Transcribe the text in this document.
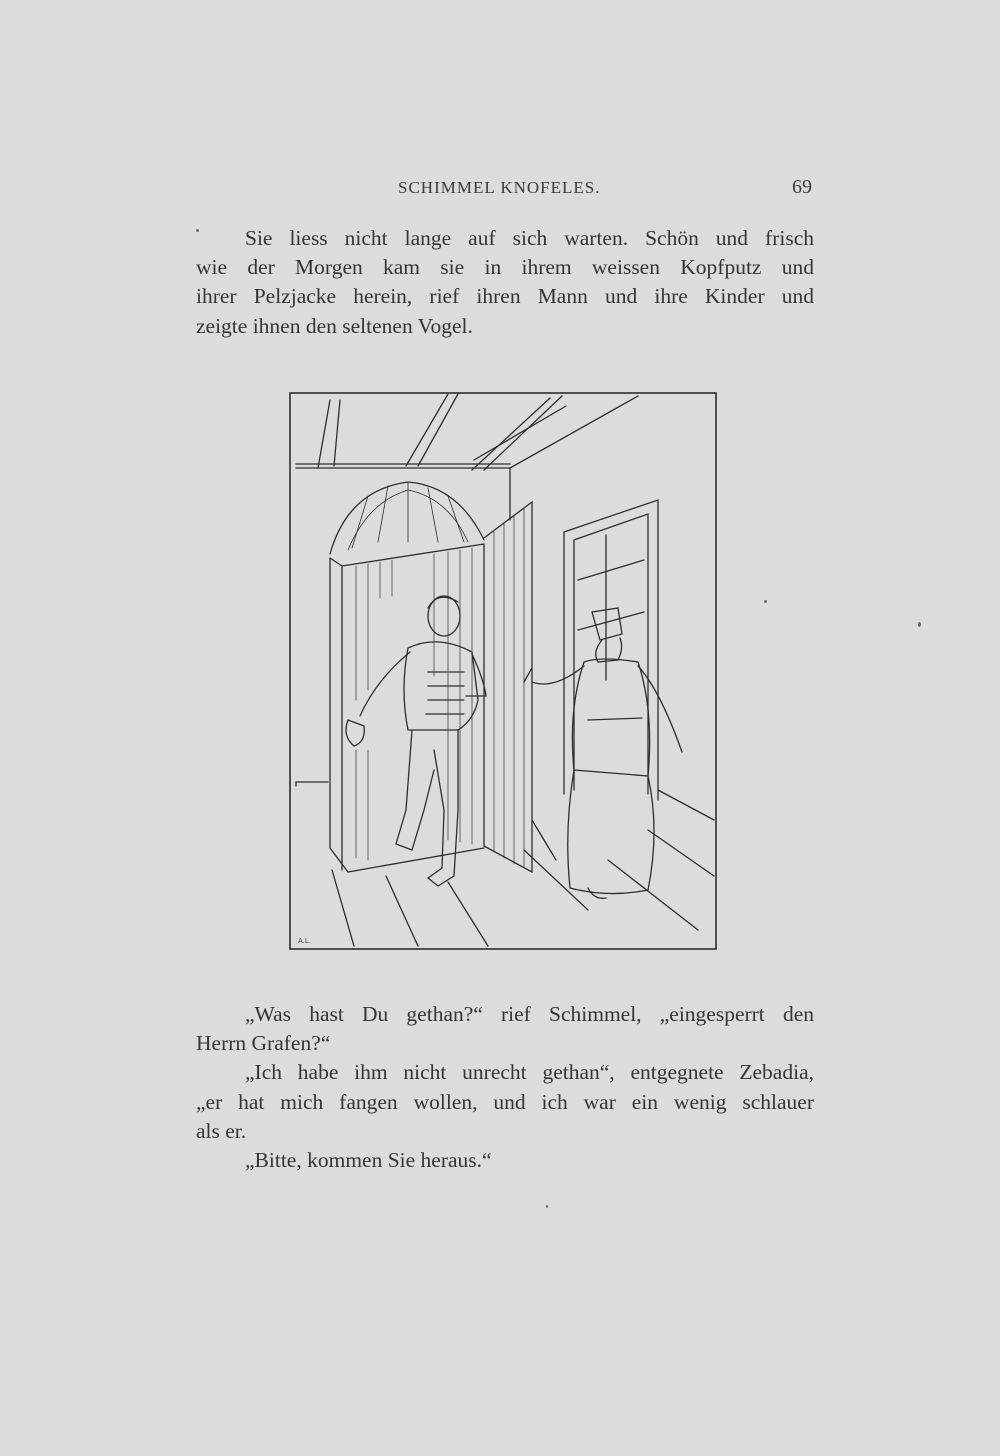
SCHIMMEL KNOFELES.	69
Sie liess nicht lange auf sich warten. Schön und frisch
wie der Morgen kam sie in ihrem weissen Kopfputz und
ihrer Pelzjacke herein, rief ihren Mann und ihre Kinder und
zeigte ihnen den seltenen Vogel.
A.L.
„Was hast Du gethan?“ rief Schimmel, „eingesperrt den
Herrn Grafen?“
„Ich habe ihm nicht unrecht gethan“, entgegnete Zebadia,
„er hat mich fangen wollen, und ich war ein wenig schlauer
als er.
„Bitte, kommen Sie heraus.“
